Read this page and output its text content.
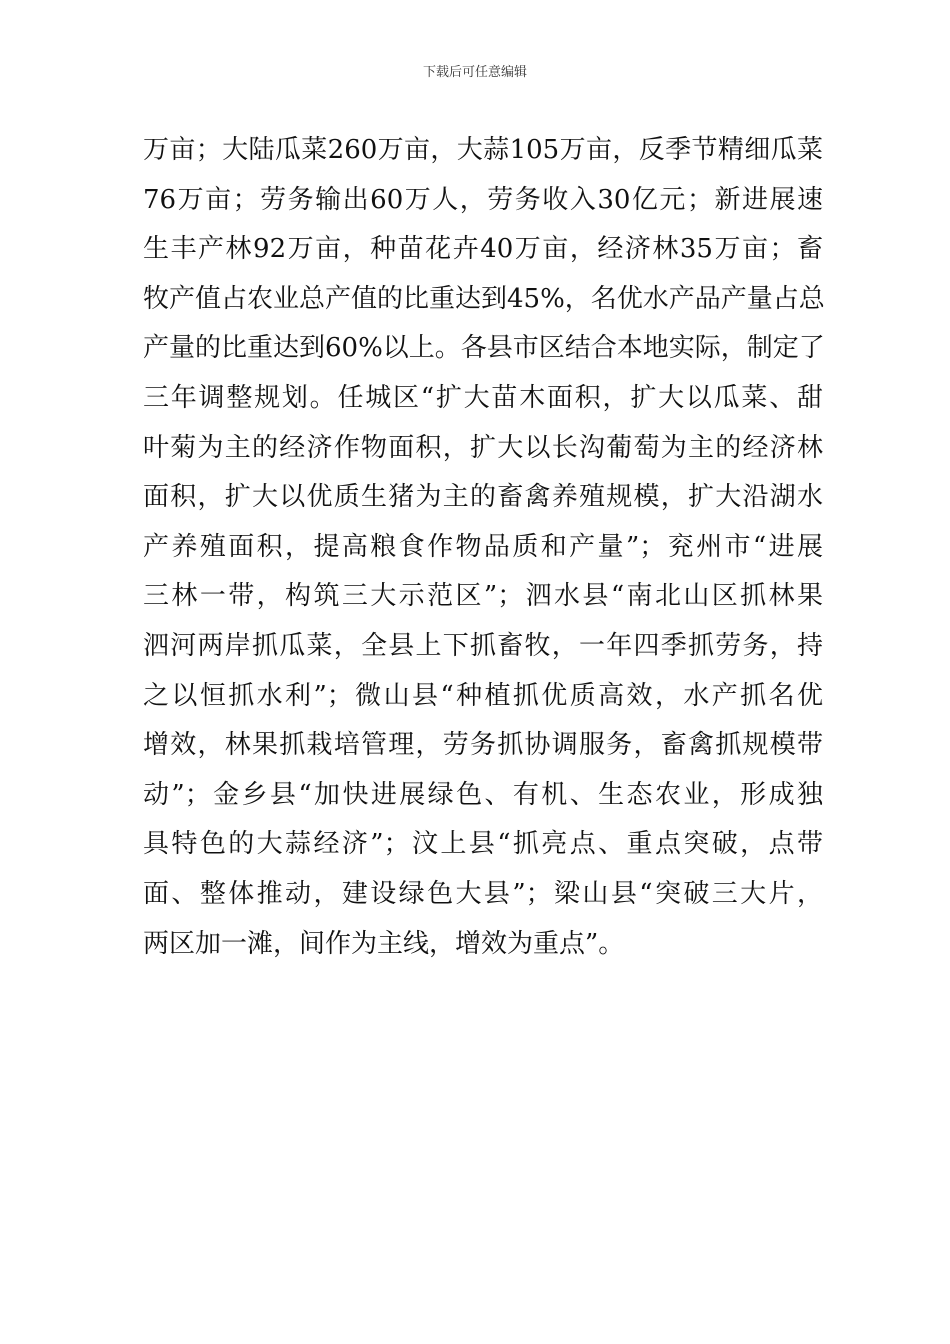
下载后可任意编辑
万亩；大陆瓜菜260万亩，大蒜105万亩，反季节精细瓜菜
76万亩；劳务输出60万人，劳务收入30亿元；新进展速
生丰产林92万亩，种苗花卉40万亩，经济林35万亩；畜
牧产值占农业总产值的比重达到45%，名优水产品产量占总
产量的比重达到60%以上。各县市区结合本地实际，制定了
三年调整规划。任城区“扩大苗木面积，扩大以瓜菜、甜
叶菊为主的经济作物面积，扩大以长沟葡萄为主的经济林
面积，扩大以优质生猪为主的畜禽养殖规模，扩大沿湖水
产养殖面积，提高粮食作物品质和产量”；兖州市“进展
三林一带，构筑三大示范区”；泗水县“南北山区抓林果
泗河两岸抓瓜菜，全县上下抓畜牧，一年四季抓劳务，持
之以恒抓水利”；微山县“种植抓优质高效，水产抓名优
增效，林果抓栽培管理，劳务抓协调服务，畜禽抓规模带
动”；金乡县“加快进展绿色、有机、生态农业，形成独
具特色的大蒜经济”；汶上县“抓亮点、重点突破，点带
面、整体推动，建设绿色大县”；梁山县“突破三大片，
两区加一滩，间作为主线，增效为重点”。
